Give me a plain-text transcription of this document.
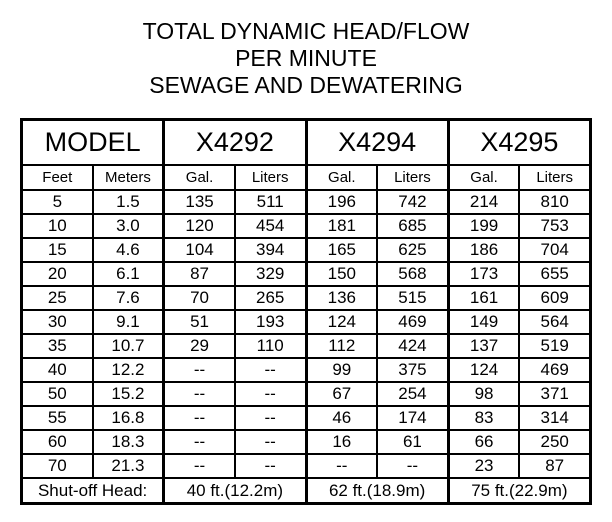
TOTAL DYNAMIC HEAD/FLOW
PER MINUTE
SEWAGE AND DEWATERING
MODEL		X4292		X4294		X4295	
Feet	Meters	Gal.	Liters	Gal.	Liters	Gal.	Liters
5	1.5	135	511	196	742	214	810
10	3.0	120	454	181	685	199	753
15	4.6	104	394	165	625	186	704
20	6.1	87	329	150	568	173	655
25	7.6	70	265	136	515	161	609
30	9.1	51	193	124	469	149	564
35	10.7	29	110	112	424	137	519
40	12.2	--	--	99	375	124	469
50	15.2	--	--	67	254	98	371
55	16.8	--	--	46	174	83	314
60	18.3	--	--	16	61	66	250
70	21.3	--	--	--	--	23	87
Shut-off Head:		40 ft.(12.2m)		62 ft.(18.9m)		75 ft.(22.9m)	
